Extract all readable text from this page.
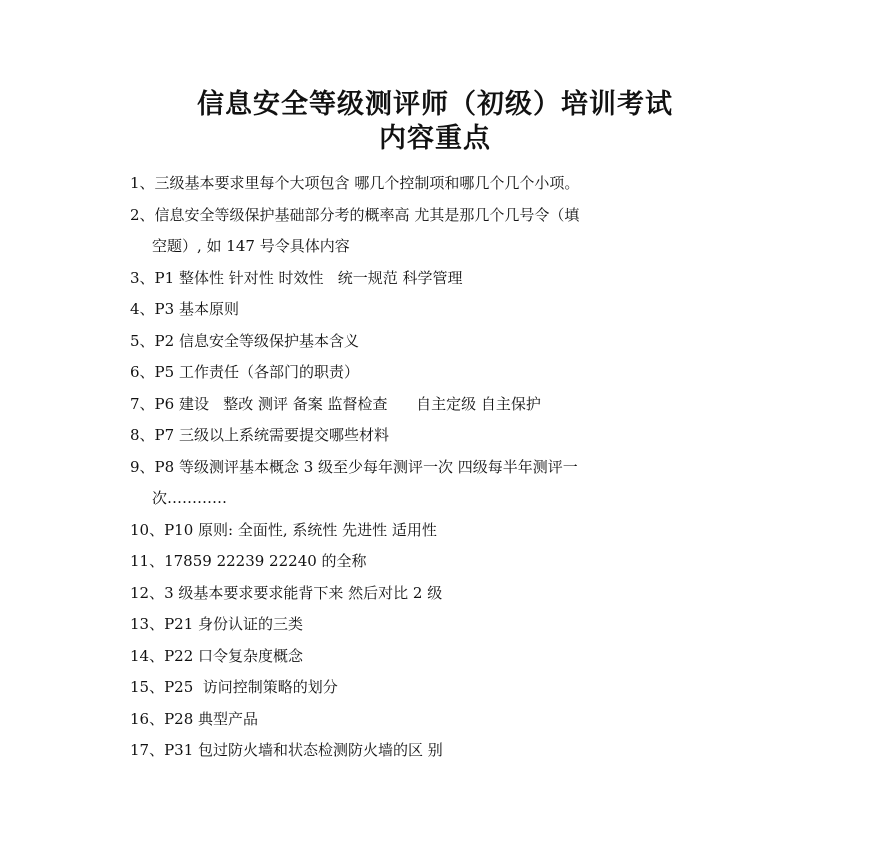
信息安全等级测评师（初级）培训考试
内容重点
1、三级基本要求里每个大项包含 哪几个控制项和哪几个几个小项。
2、信息安全等级保护基础部分考的概率高 尤其是那几个几号令（填
空题）, 如 147 号令具体内容
3、P1 整体性 针对性 时效性   统一规范 科学管理
4、P3 基本原则
5、P2 信息安全等级保护基本含义
6、P5 工作责任（各部门的职责）
7、P6 建设   整改 测评 备案 监督检查      自主定级 自主保护
8、P7 三级以上系统需要提交哪些材料
9、P8 等级测评基本概念 3 级至少每年测评一次 四级每半年测评一
次…………
10、P10 原则: 全面性, 系统性 先进性 适用性
11、17859 22239 22240 的全称
12、3 级基本要求要求能背下来 然后对比 2 级
13、P21 身份认证的三类
14、P22 口令复杂度概念
15、P25  访问控制策略的划分
16、P28 典型产品
17、P31 包过防火墙和状态检测防火墙的区 别
